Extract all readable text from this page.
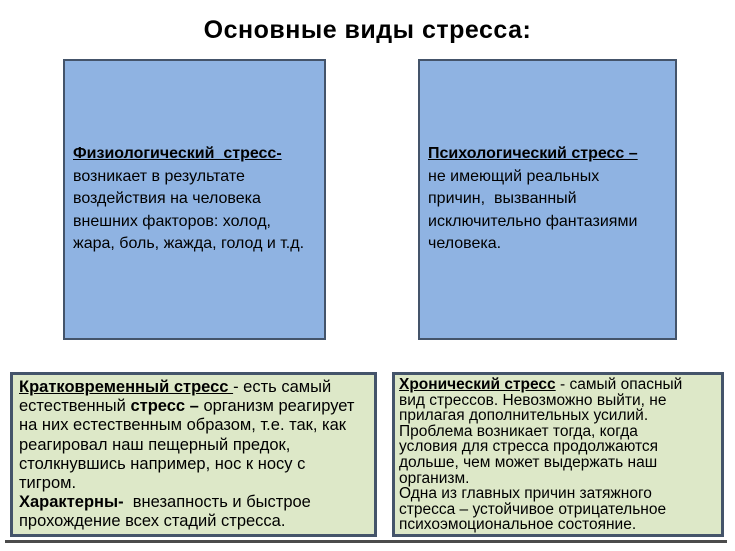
Основные виды стресса:
Физиологический  стресс-
возникает в результате
воздействия на человека
внешних факторов: холод,
жара, боль, жажда, голод и т.д.
Психологический стресс –
не имеющий реальных
причин,  вызванный
исключительно фантазиями
человека.
Кратковременный стресс - есть самый
естественный стресс – организм реагирует
на них естественным образом, т.е. так, как
реагировал наш пещерный предок,
столкнувшись например, нос к носу с
тигром.
Характерны-  внезапность и быстрое
прохождение всех стадий стресса.
Хронический стресс - самый опасный
вид стрессов. Невозможно выйти, не
прилагая дополнительных усилий.
Проблема возникает тогда, когда
условия для стресса продолжаются
дольше, чем может выдержать наш
организм.
Одна из главных причин затяжного
стресса – устойчивое отрицательное
психоэмоциональное состояние.
